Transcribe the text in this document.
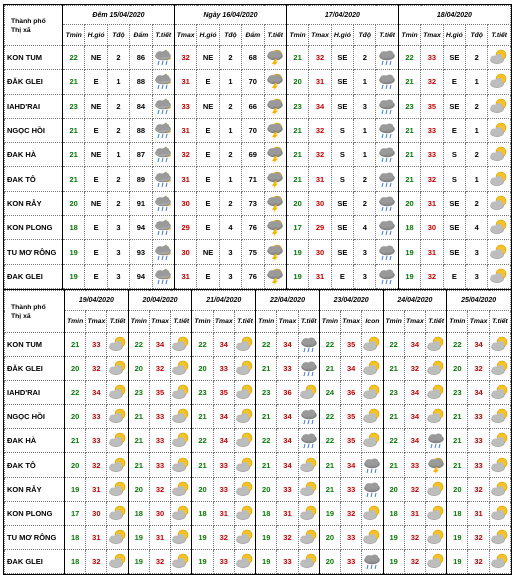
Thành phố
Thị xã	Đêm 15/04/2020					Ngày 16/04/2020					17/04/2020					18/04/2020				
	Tmin	H.gió	Tđộ	Đẩm	T.tiết	Tmax	H.gió	Tđộ	Đẩm	T.tiết	Tmin	Tmax	H.gió	Tđộ	T.tiết	Tmin	Tmax	H.gió	Tđộ	T.tiết
KON TUM	22	NE	2	86		32	NE	2	68		21	32	SE	2		22	33	SE	2	

ĐĂK GLEI	21	E	1	88		31	E	1	70		20	31	SE	1		21	32	E	1	

IAHD'RAI	23	NE	2	84		33	NE	2	66		23	34	SE	3		23	35	SE	2	

NGỌC HỒI	21	E	2	88		31	E	1	70		21	32	S	1		21	33	E	1	

ĐAK HÀ	21	NE	1	87		32	E	2	69		21	32	S	1		21	33	S	2	

ĐAK TÔ	21	E	2	89		31	E	1	71		21	31	S	2		21	32	S	1	

KON RẪY	20	NE	2	91		30	E	2	73		20	30	SE	2		20	31	SE	2	

KON PLONG	18	E	3	94		29	E	4	76		17	29	SE	4		18	30	SE	4	

TU MƠ RÔNG	19	E	3	93		30	NE	3	75		19	30	SE	3		19	31	SE	3	

ĐAK GLEI	19	E	3	94		31	E	3	76		19	31	E	3		19	32	E	3	
Thành phố
Thị xã	19/04/2020			20/04/2020			21/04/2020			22/04/2020			23/04/2020			24/04/2020			25/04/2020		
	Tmin	Tmax	T.tiết	Tmin	Tmax	T.tiết	Tmin	Tmax	T.tiết	Tmin	Tmax	T.tiết	Tmin	Tmax	Icon	Tmin	Tmax	T.tiết	Tmin	Tmax	T.tiết
KON TUM	21	33		22	34		22	34		22	34		22	35		22	34		22	34	

ĐĂK GLEI	20	32		20	32		20	33		21	33		21	34		21	32		20	32	

IAHD'RAI	22	34		23	35		23	35		23	36		24	36		23	34		23	34	

NGỌC HỒI	20	33		21	33		21	34		21	34		22	35		21	34		21	33	

ĐAK HÀ	21	33		21	33		22	34		22	34		22	35		22	34		21	33	

ĐAK TÔ	20	32		21	33		21	33		21	34		21	34		21	33		21	33	

KON RẪY	19	31		20	32		20	33		20	33		21	33		20	32		20	32	

KON PLONG	17	30		18	30		18	31		18	31		19	32		18	31		18	31	

TU MƠ RÔNG	18	31		19	31		19	32		19	32		20	33		19	32		19	32	

ĐAK GLEI	18	32		19	32		19	33		19	33		20	33		19	32		19	32	
